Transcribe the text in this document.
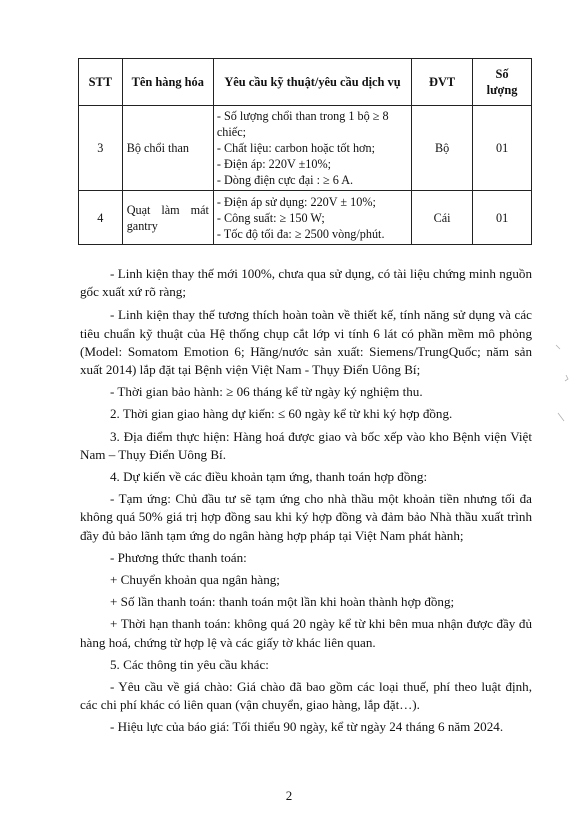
STT	Tên hàng hóa	Yêu cầu kỹ thuật/yêu cầu dịch vụ	ĐVT	Số
lượng

3	Bộ chổi than	- Số lượng chổi than trong 1 bộ ≥ 8
chiếc;
- Chất liệu: carbon hoặc tốt hơn;
- Điện áp: 220V ±10%;
- Dòng điện cực đại : ≥ 6 A.	Bộ	01
4	Quạt làm mát
gantry	- Điện áp sử dụng: 220V ± 10%;
- Công suất: ≥ 150 W;
- Tốc độ tối đa: ≥ 2500 vòng/phút.	Cái	01

- Linh kiện thay thế mới 100%, chưa qua sử dụng, có tài liệu chứng minh nguồn gốc xuất xứ rõ ràng;

- Linh kiện thay thế tương thích hoàn toàn về thiết kế, tính năng sử dụng và các tiêu chuẩn kỹ thuật của Hệ thống chụp cắt lớp vi tính 6 lát có phần mềm mô phỏng (Model: Somatom Emotion 6; Hãng/nước sản xuất: Siemens/TrungQuốc; năm sản xuất 2014) lắp đặt tại Bệnh viện Việt Nam - Thụy Điển Uông Bí;

- Thời gian bảo hành: ≥ 06 tháng kể từ ngày ký nghiệm thu.

2. Thời gian giao hàng dự kiến: ≤ 60 ngày kể từ khi ký hợp đồng.

3. Địa điểm thực hiện: Hàng hoá được giao và bốc xếp vào kho Bệnh viện Việt Nam – Thụy Điển Uông Bí.

4. Dự kiến về các điều khoản tạm ứng, thanh toán hợp đồng:

- Tạm ứng: Chủ đầu tư sẽ tạm ứng cho nhà thầu một khoản tiền nhưng tối đa không quá 50% giá trị hợp đồng sau khi ký hợp đồng và đảm bảo Nhà thầu xuất trình đầy đủ bảo lãnh tạm ứng do ngân hàng hợp pháp tại Việt Nam phát hành;

- Phương thức thanh toán:

+ Chuyển khoản qua ngân hàng;

+ Số lần thanh toán: thanh toán một lần khi hoàn thành hợp đồng;

+ Thời hạn thanh toán: không quá 20 ngày kể từ khi bên mua nhận được đầy đủ hàng hoá, chứng từ hợp lệ và các giấy tờ khác liên quan.

5. Các thông tin yêu cầu khác:

- Yêu cầu về giá chào: Giá chào đã bao gồm các loại thuế, phí theo luật định, các chi phí khác có liên quan (vận chuyển, giao hàng, lắp đặt…).

- Hiệu lực của báo giá: Tối thiểu 90 ngày, kể từ ngày 24 tháng 6 năm 2024.

2
